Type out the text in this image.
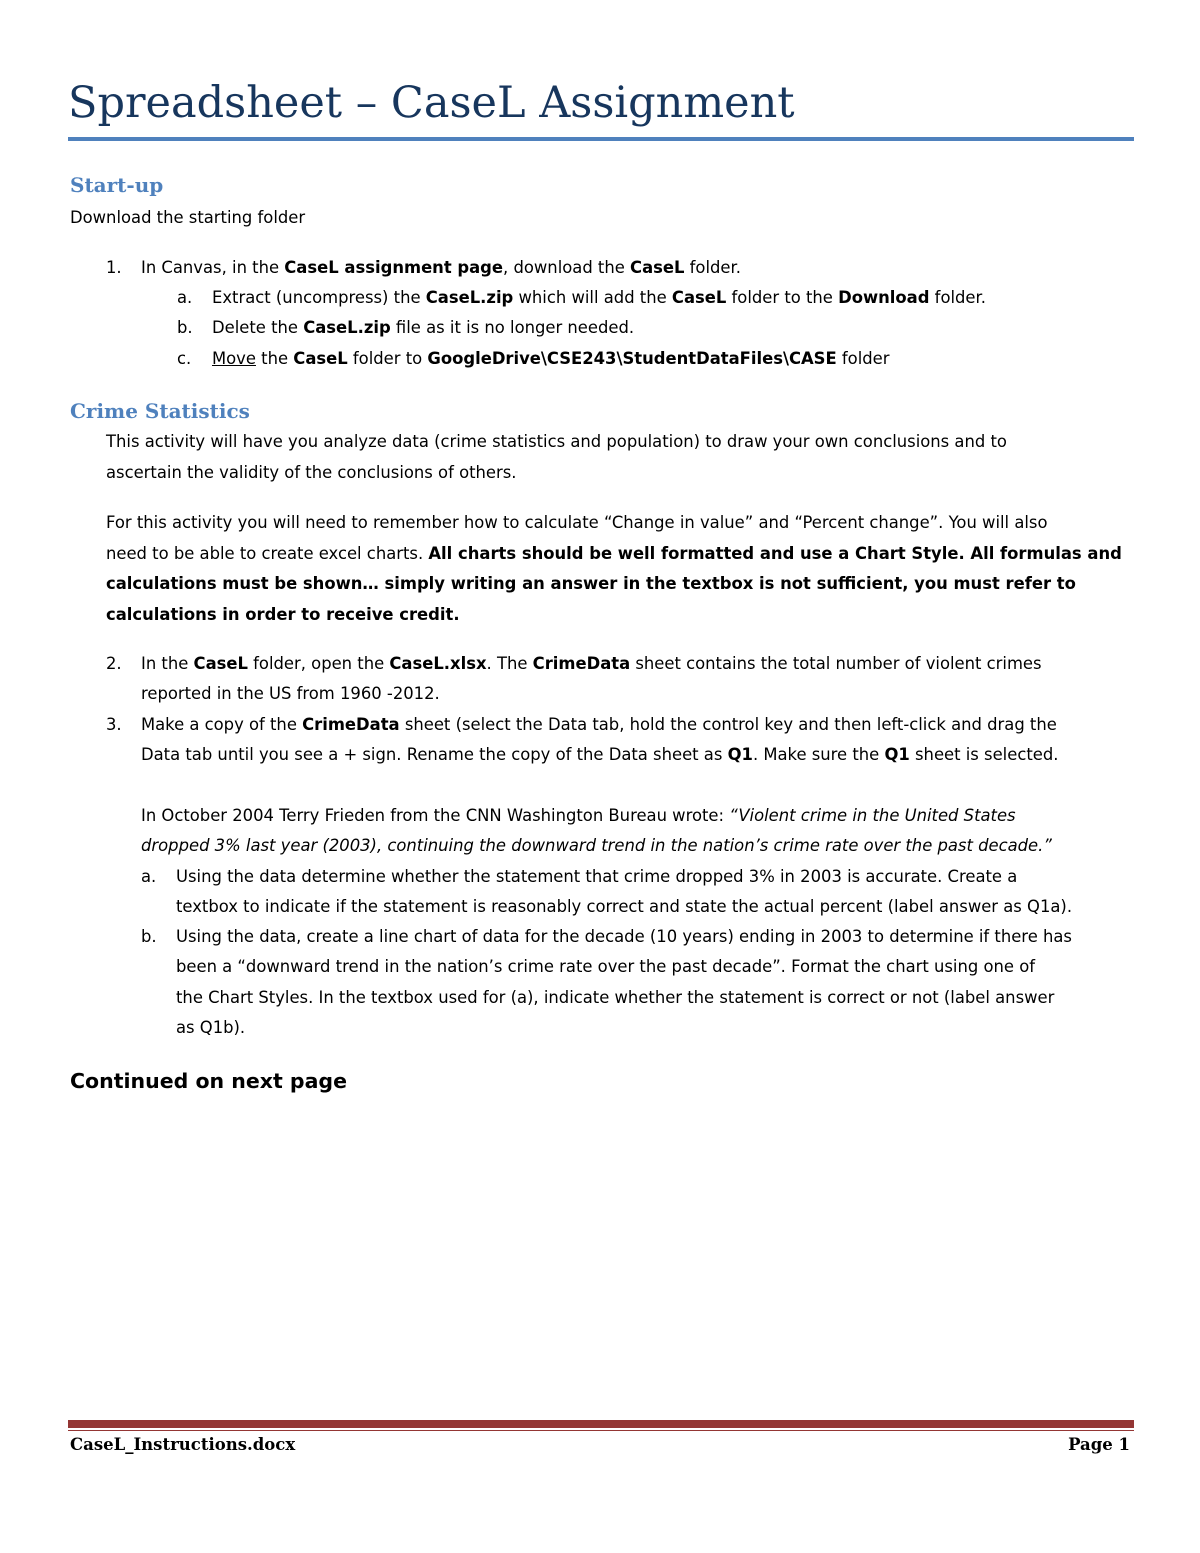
Spreadsheet – CaseL Assignment
Start-up

Download the starting folder

1. In Canvas, in the CaseL assignment page, download the CaseL folder.

a. Extract (uncompress) the CaseL.zip which will add the CaseL folder to the Download folder.

b. Delete the CaseL.zip file as it is no longer needed.

c. Move the CaseL folder to GoogleDrive\CSE243\StudentDataFiles\CASE folder

Crime Statistics

This activity will have you analyze data (crime statistics and population) to draw your own conclusions and to

ascertain the validity of the conclusions of others.

For this activity you will need to remember how to calculate “Change in value” and “Percent change”. You will also

need to be able to create excel charts. All charts should be well formatted and use a Chart Style. All formulas and

calculations must be shown… simply writing an answer in the textbox is not sufficient, you must refer to

calculations in order to receive credit.

2. In the CaseL folder, open the CaseL.xlsx. The CrimeData sheet contains the total number of violent crimes

reported in the US from 1960 -2012.

3. Make a copy of the CrimeData sheet (select the Data tab, hold the control key and then left-click and drag the

Data tab until you see a + sign. Rename the copy of the Data sheet as Q1. Make sure the Q1 sheet is selected.

In October 2004 Terry Frieden from the CNN Washington Bureau wrote: “Violent crime in the United States

dropped 3% last year (2003), continuing the downward trend in the nation’s crime rate over the past decade.”

a. Using the data determine whether the statement that crime dropped 3% in 2003 is accurate. Create a

textbox to indicate if the statement is reasonably correct and state the actual percent (label answer as Q1a).

b. Using the data, create a line chart of data for the decade (10 years) ending in 2003 to determine if there has

been a “downward trend in the nation’s crime rate over the past decade”. Format the chart using one of

the Chart Styles. In the textbox used for (a), indicate whether the statement is correct or not (label answer

as Q1b).

Continued on next page

CaseL_Instructions.docx	Page 1
